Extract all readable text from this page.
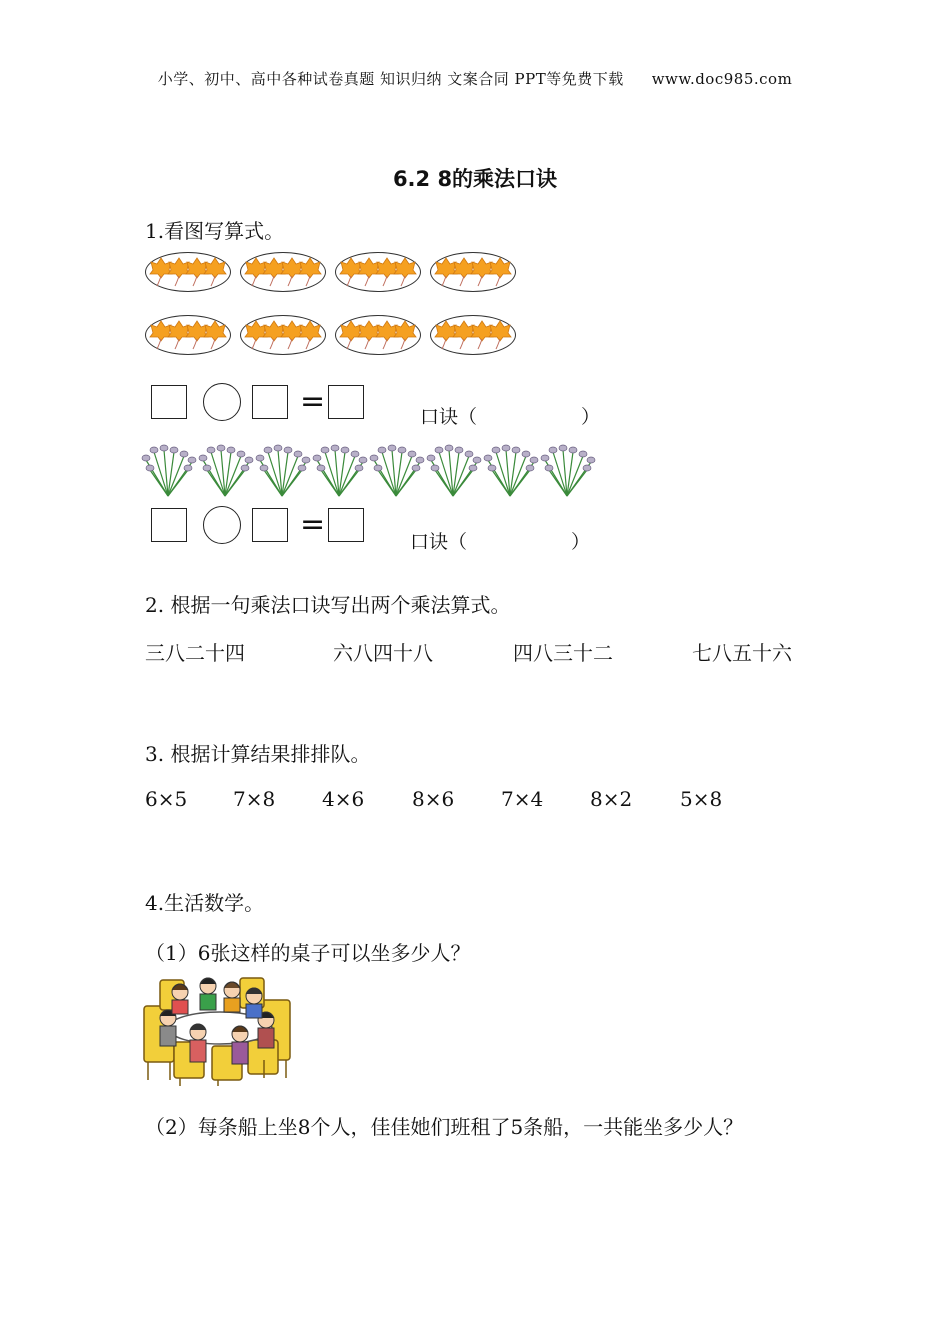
小学、初中、高中各种试卷真题 知识归纳 文案合同 PPT等免费下载 www.doc985.com
6.2 8的乘法口诀
1.看图写算式。
=	口诀（	）
=	口诀（	）
2. 根据一句乘法口诀写出两个乘法算式。
三八二十四	六八四十八	四八三十二	七八五十六
3. 根据计算结果排排队。
6×5 7×8 4×6 8×6 7×4 8×2 5×8
4.生活数学。
（1）6张这样的桌子可以坐多少人？
（2）每条船上坐8个人，佳佳她们班租了5条船，一共能坐多少人？
